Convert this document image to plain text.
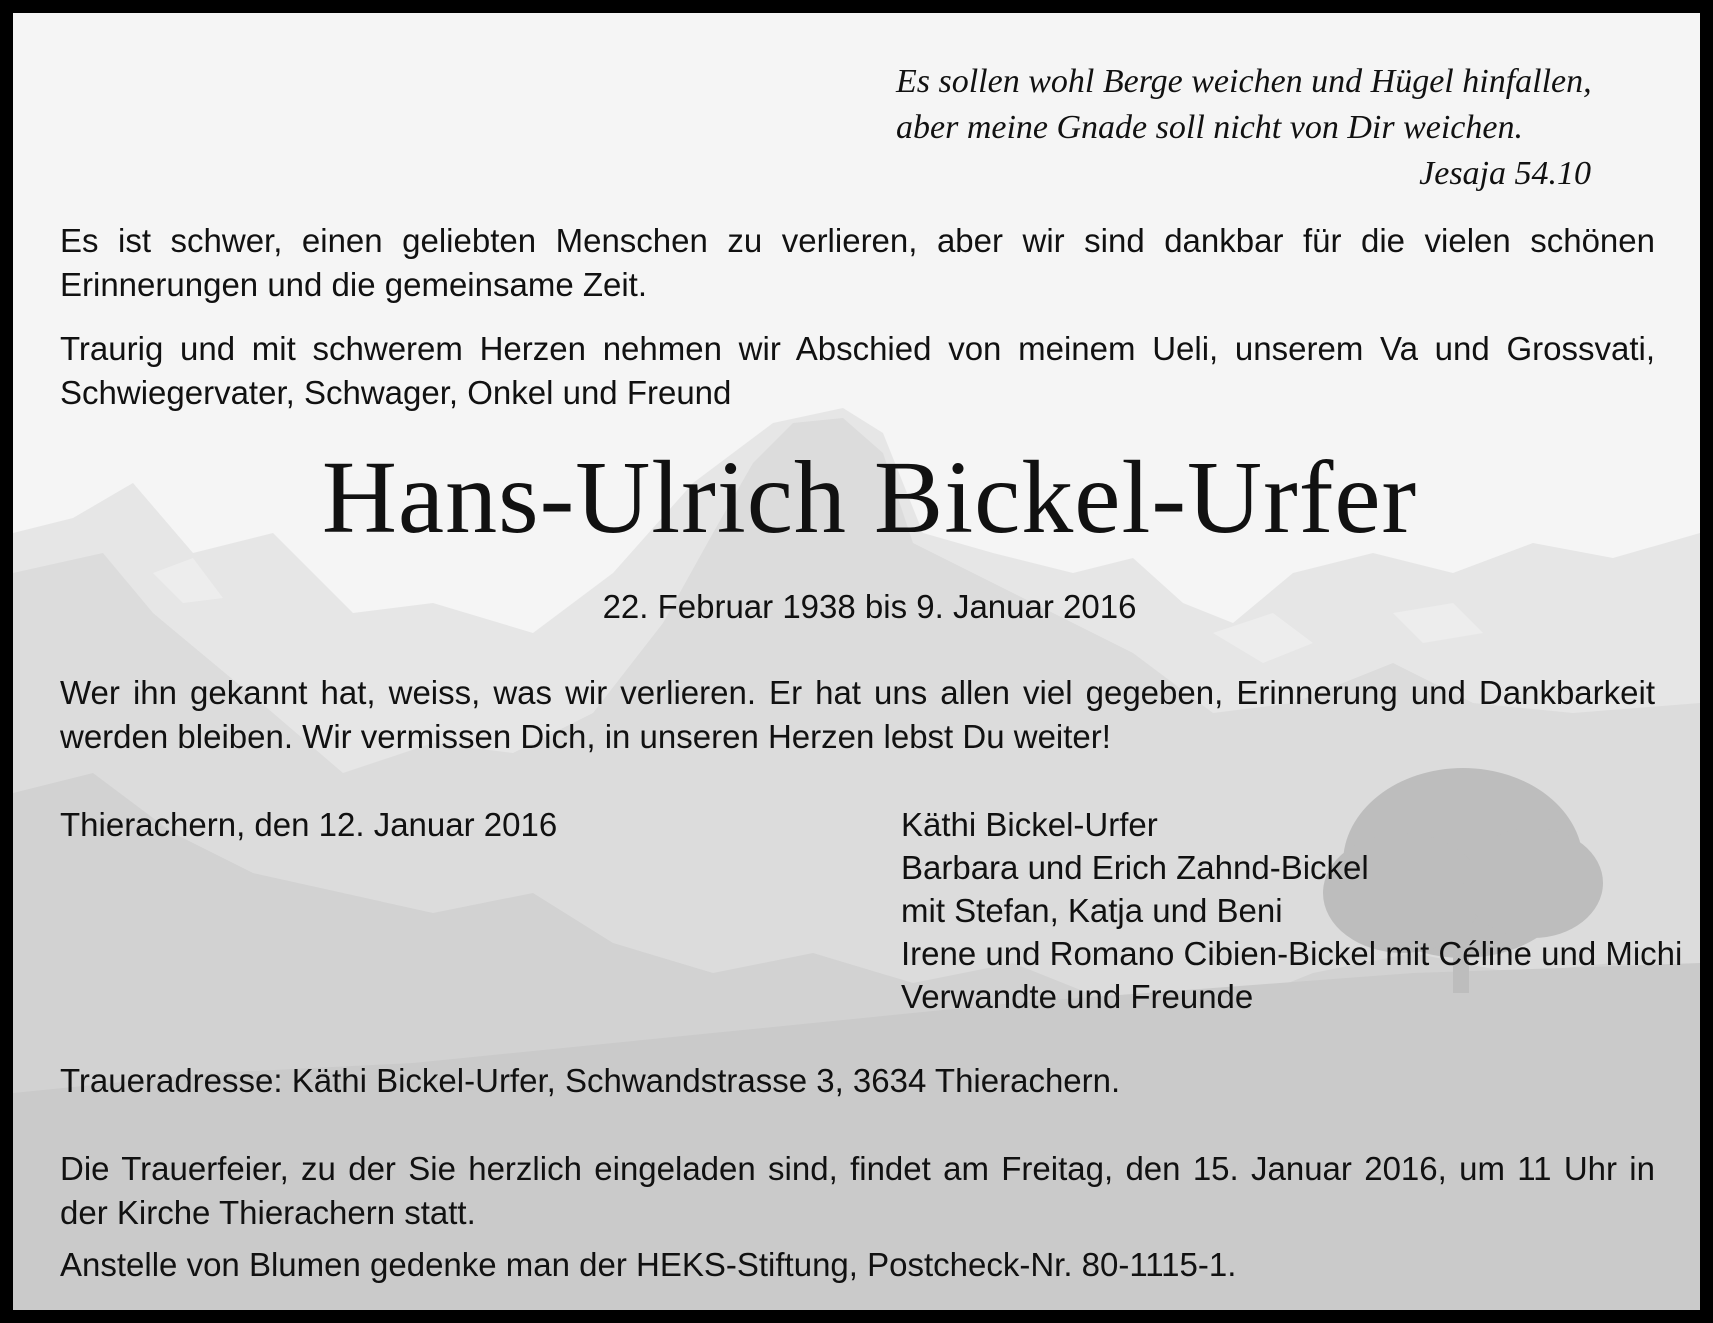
Es sollen wohl Berge weichen und Hügel hinfallen,
aber meine Gnade soll nicht von Dir weichen.
Jesaja 54.10

Es ist schwer, einen geliebten Menschen zu verlieren, aber wir sind dankbar für die vielen schönen Erinnerungen und die gemeinsame Zeit.

Traurig und mit schwerem Herzen nehmen wir Abschied von meinem Ueli, unserem Va und Grossvati, Schwiegervater, Schwager, Onkel und Freund

Hans-Ulrich Bickel-Urfer
22. Februar 1938 bis 9. Januar 2016

Wer ihn gekannt hat, weiss, was wir verlieren. Er hat uns allen viel gegeben, Erinnerung und Dankbarkeit werden bleiben. Wir vermissen Dich, in unseren Herzen lebst Du weiter!

Thierachern, den 12. Januar 2016	Käthi Bickel-Urfer
Barbara und Erich Zahnd-Bickel
mit Stefan, Katja und Beni
Irene und Romano Cibien-Bickel mit Céline und Michi
Verwandte und Freunde

Traueradresse: Käthi Bickel-Urfer, Schwandstrasse 3, 3634 Thierachern.

Die Trauerfeier, zu der Sie herzlich eingeladen sind, findet am Freitag, den 15. Januar 2016, um 11 Uhr in der Kirche Thierachern statt.

Anstelle von Blumen gedenke man der HEKS-Stiftung, Postcheck-Nr. 80-1115-1.
